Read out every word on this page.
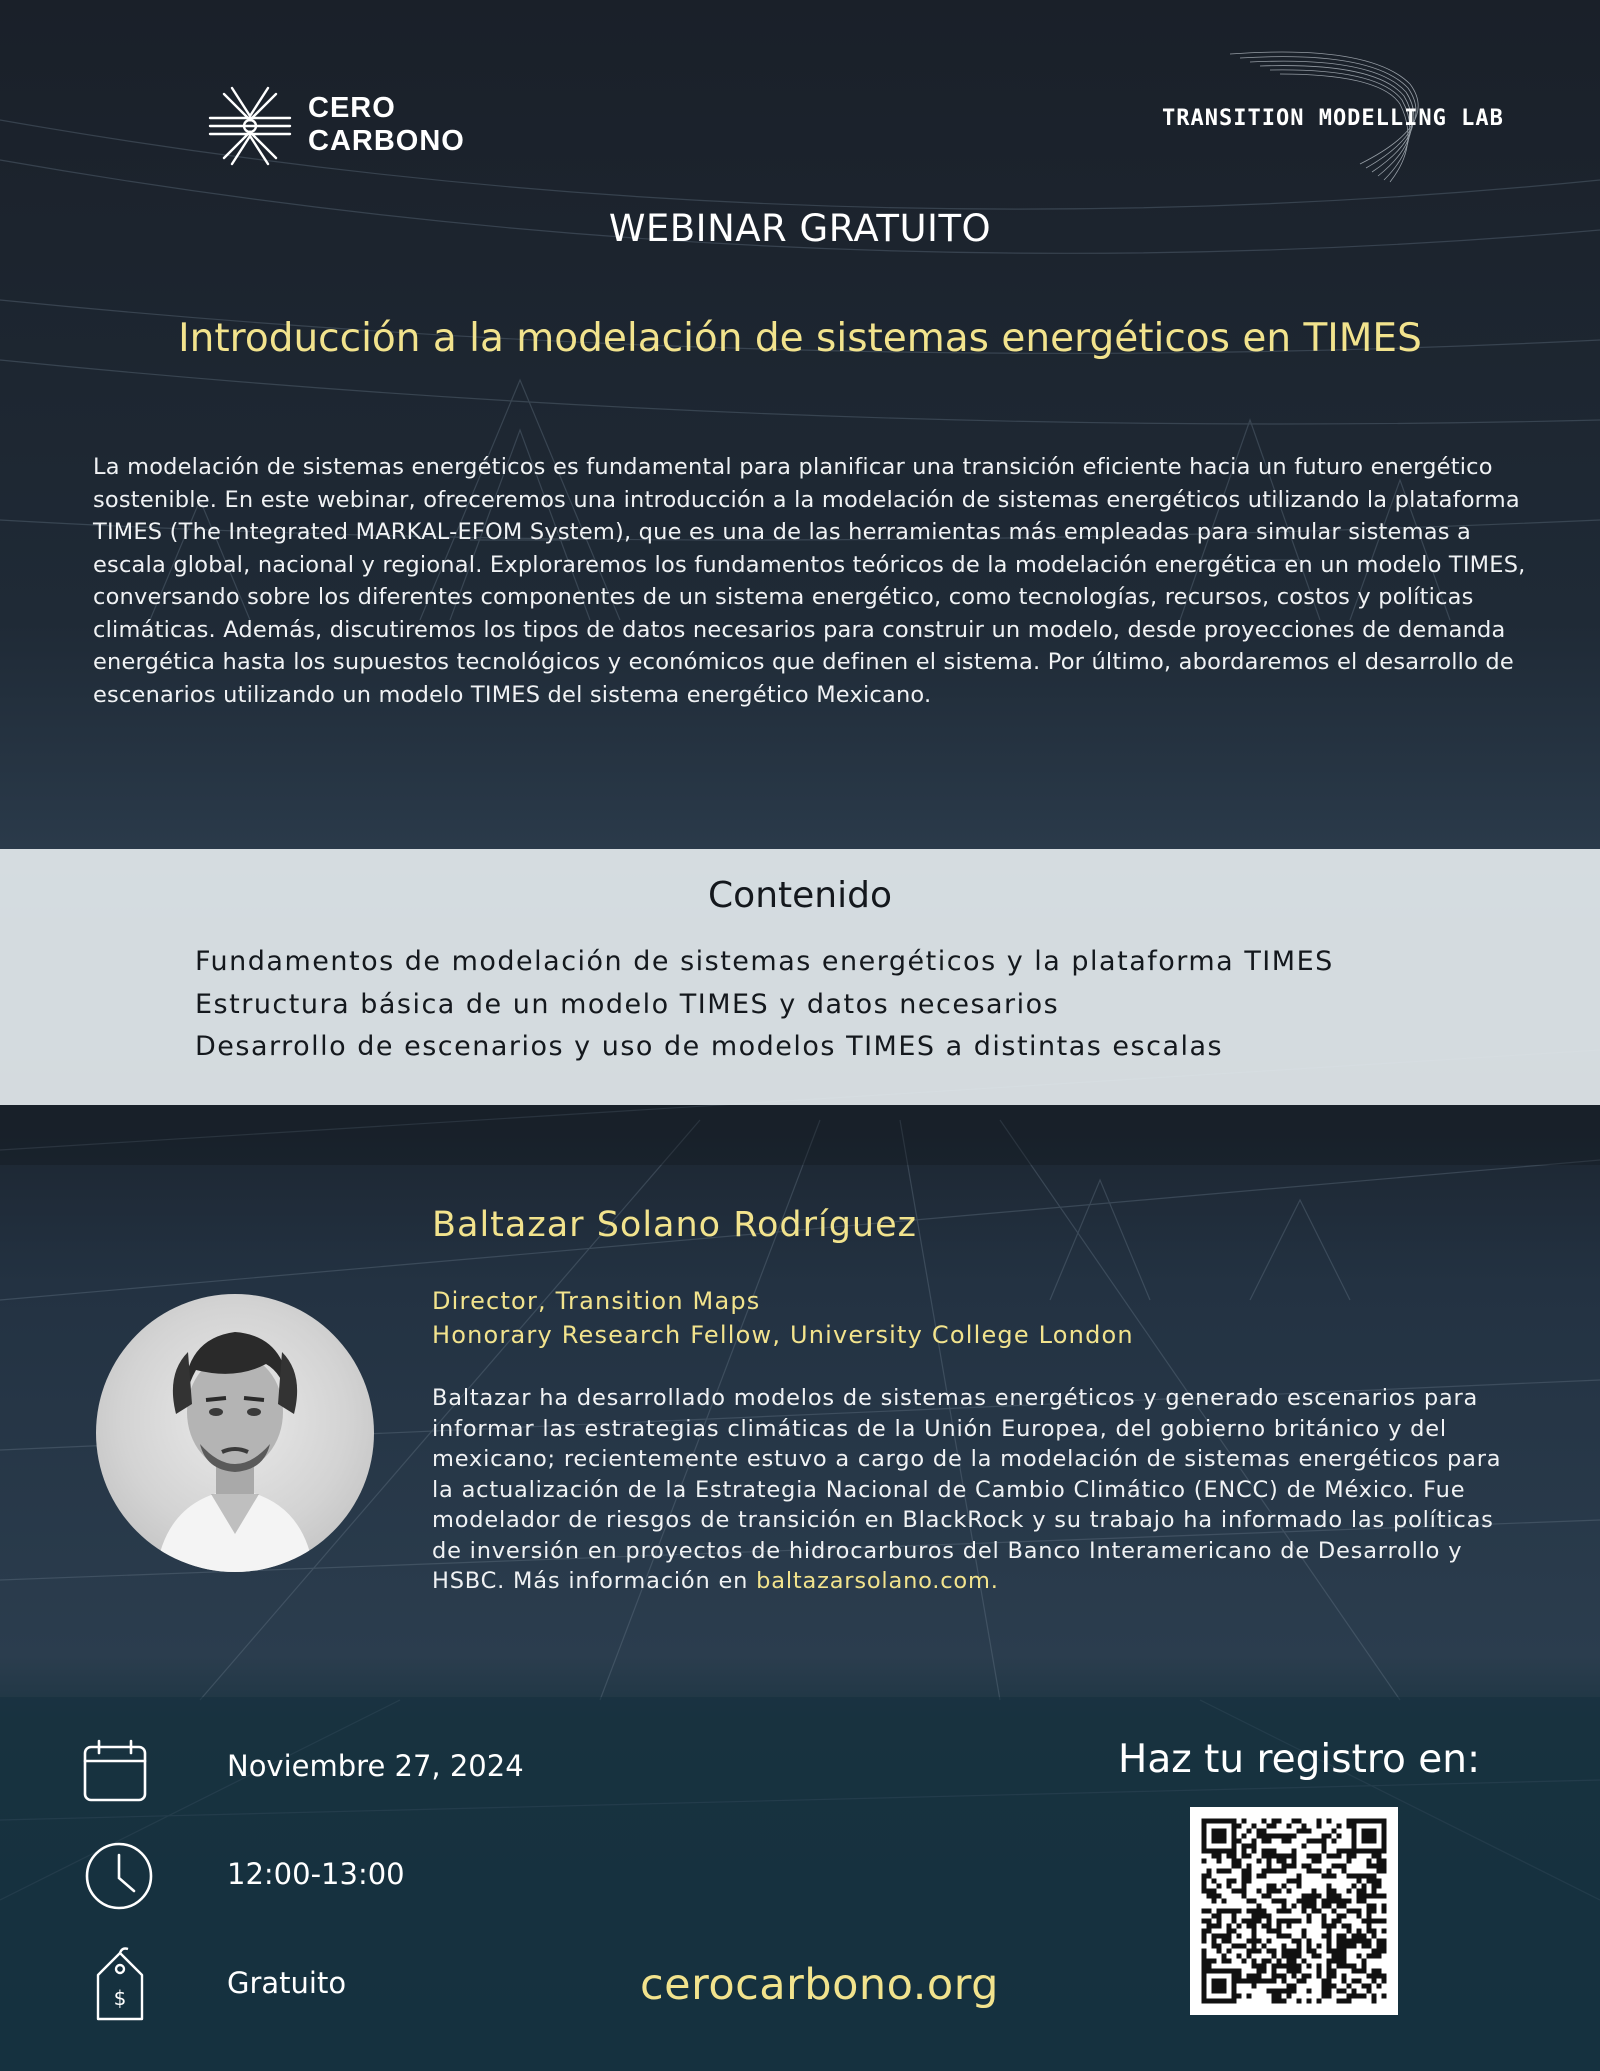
CERO
CARBONO
TRANSITION MODELLING LAB
WEBINAR GRATUITO
Introducción a la modelación de sistemas energéticos en TIMES
La modelación de sistemas energéticos es fundamental para planificar una transición eficiente hacia un futuro energético sostenible. En este webinar, ofreceremos una introducción a la modelación de sistemas energéticos utilizando la plataforma TIMES (The Integrated MARKAL-EFOM System), que es una de las herramientas más empleadas para simular sistemas a escala global, nacional y regional. Exploraremos los fundamentos teóricos de la modelación energética en un modelo TIMES, conversando sobre los diferentes componentes de un sistema energético, como tecnologías, recursos, costos y políticas climáticas. Además, discutiremos los tipos de datos necesarios para construir un modelo, desde proyecciones de demanda energética hasta los supuestos tecnológicos y económicos que definen el sistema. Por último, abordaremos el desarrollo de escenarios utilizando un modelo TIMES del sistema energético Mexicano.
Contenido
Fundamentos de modelación de sistemas energéticos y la plataforma TIMES
Estructura básica de un modelo TIMES y datos necesarios
Desarrollo de escenarios y uso de modelos TIMES a distintas escalas
Baltazar Solano Rodríguez
Director, Transition Maps
Honorary Research Fellow, University College London
Baltazar ha desarrollado modelos de sistemas energéticos y generado escenarios para informar las estrategias climáticas de la Unión Europea, del gobierno británico y del mexicano; recientemente estuvo a cargo de la modelación de sistemas energéticos para la actualización de la Estrategia Nacional de Cambio Climático (ENCC) de México. Fue modelador de riesgos de transición en BlackRock y su trabajo ha informado las políticas de inversión en proyectos de hidrocarburos del Banco Interamericano de Desarrollo y HSBC. Más información en baltazarsolano.com.
Noviembre 27, 2024
12:00-13:00
$	Gratuito	cerocarbono.org
Haz tu registro en:
